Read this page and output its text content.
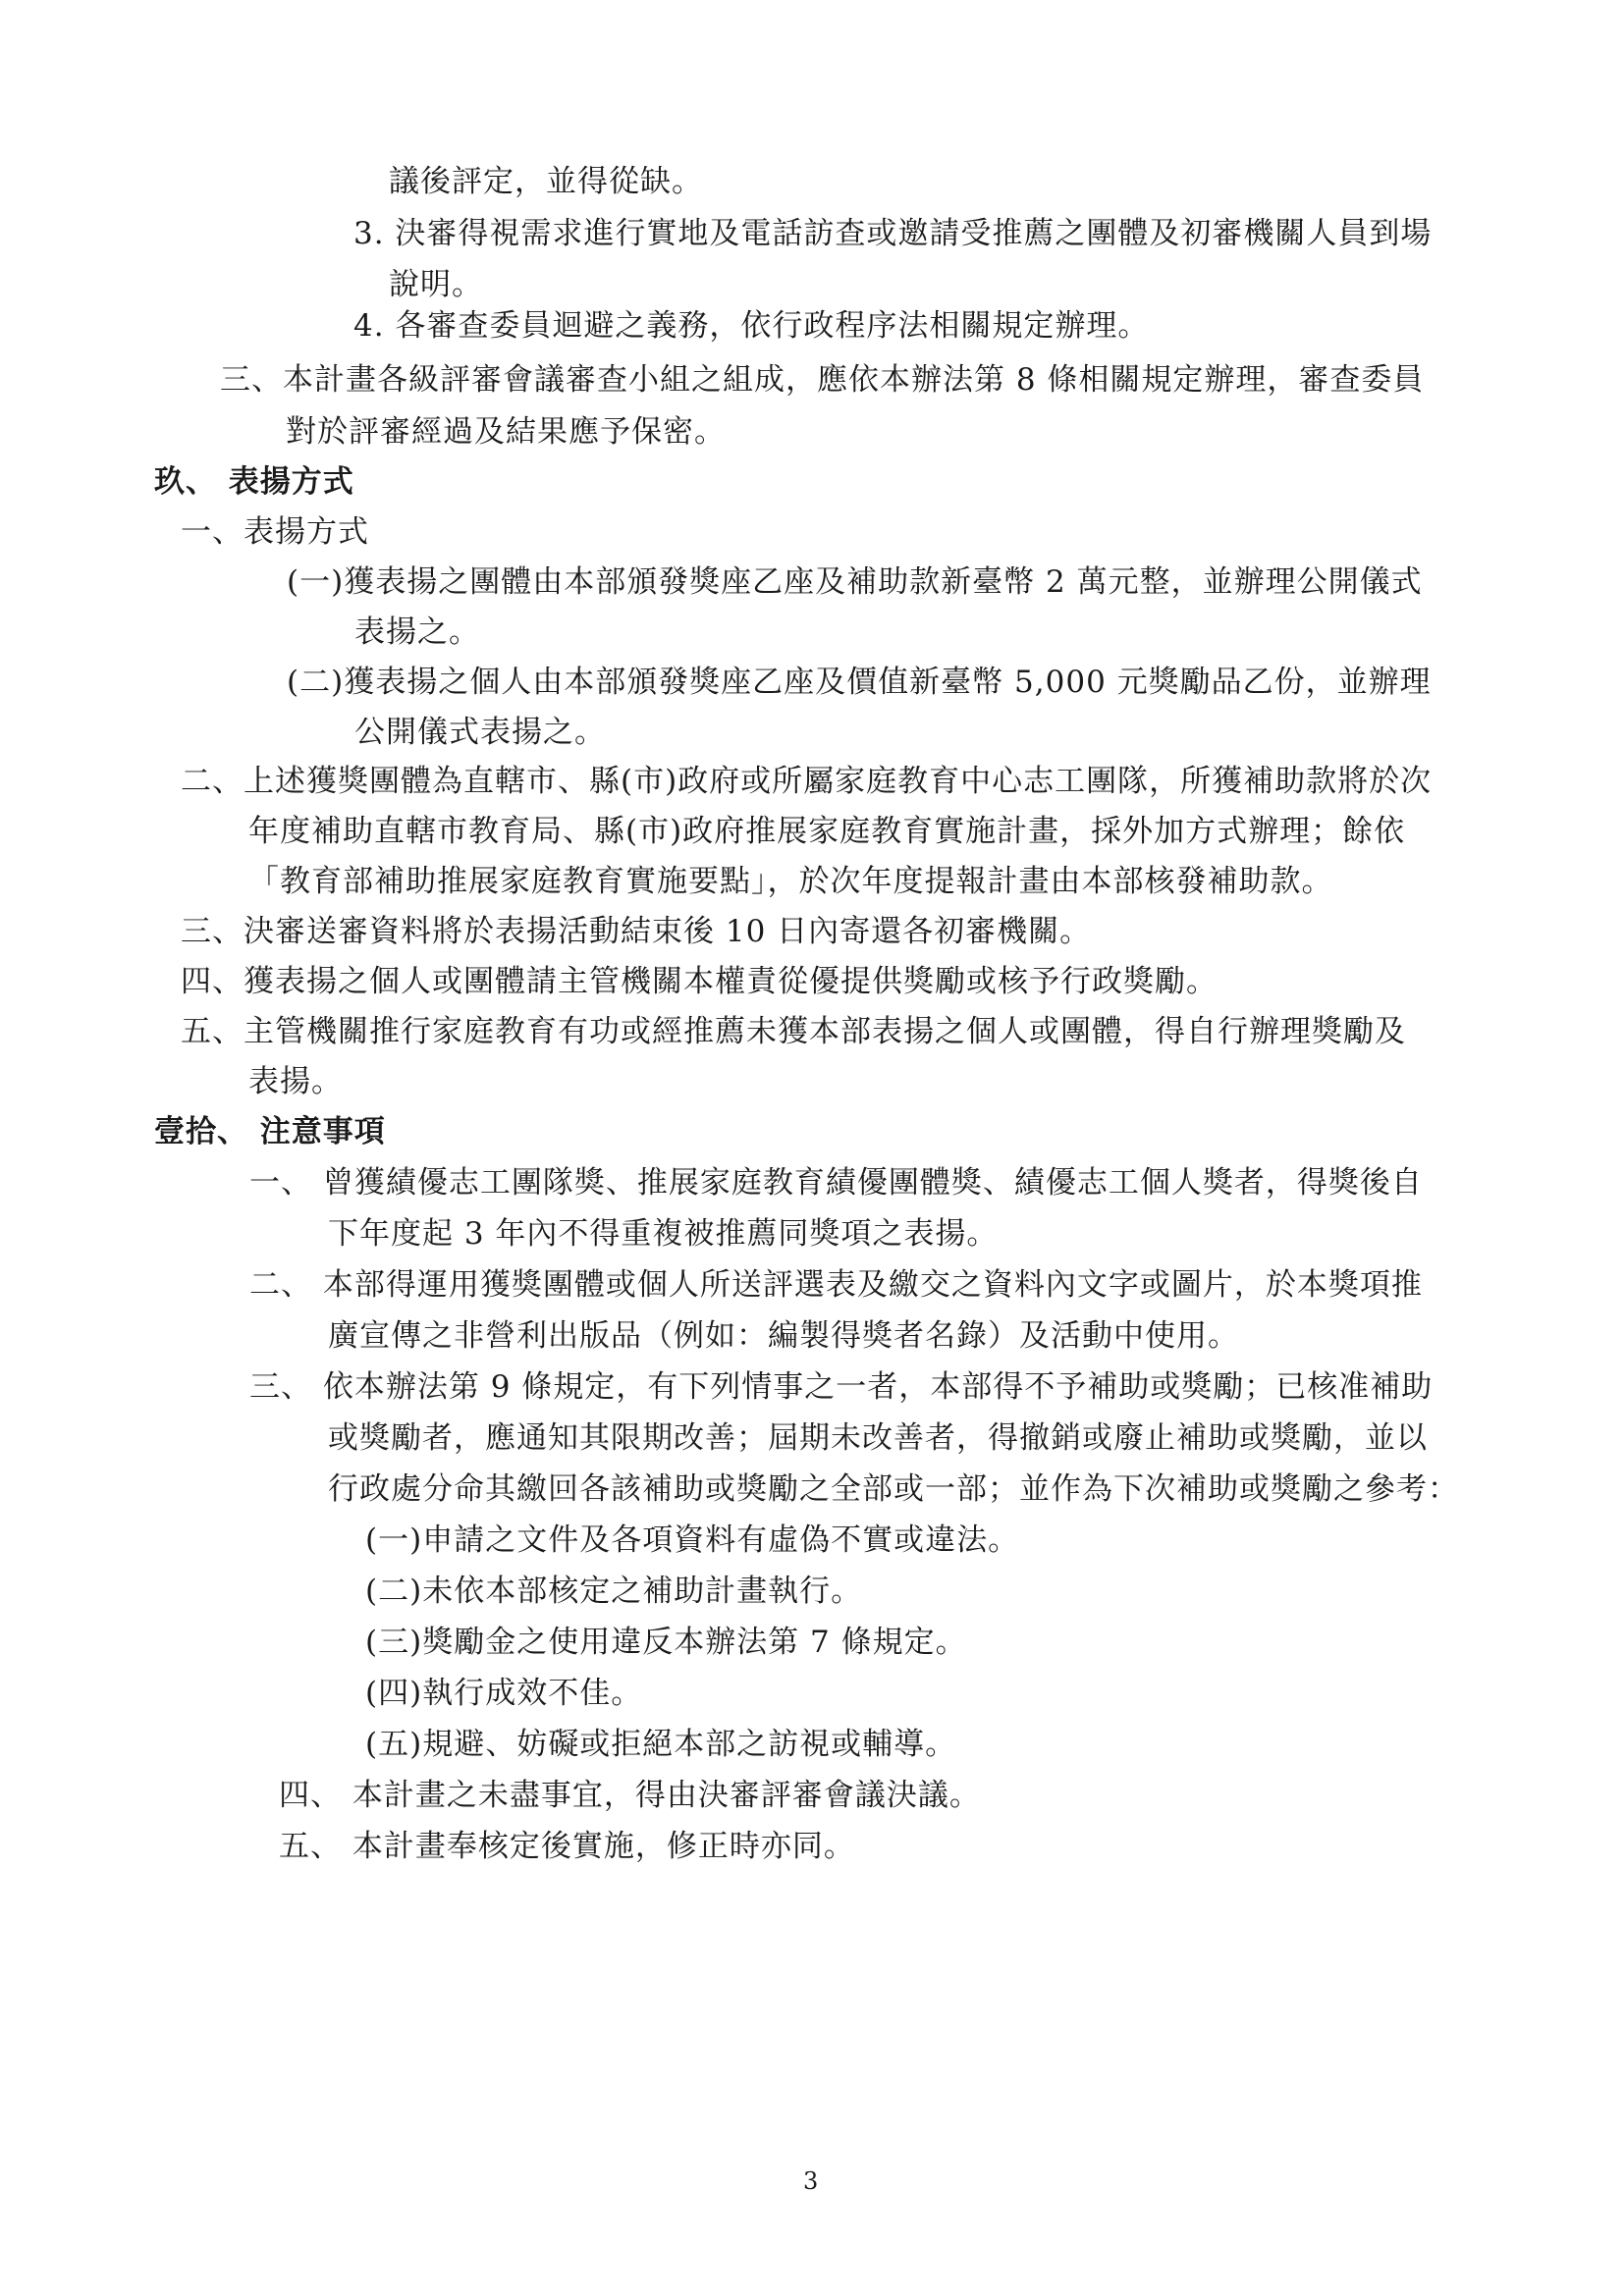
議後評定，並得從缺。
3. 決審得視需求進行實地及電話訪查或邀請受推薦之團體及初審機關人員到場
說明。
4. 各審查委員迴避之義務，依行政程序法相關規定辦理。
三、本計畫各級評審會議審查小組之組成，應依本辦法第 8 條相關規定辦理，審查委員
對於評審經過及結果應予保密。
玖、 表揚方式
一、表揚方式
(一)獲表揚之團體由本部頒發獎座乙座及補助款新臺幣 2 萬元整，並辦理公開儀式
表揚之。
(二)獲表揚之個人由本部頒發獎座乙座及價值新臺幣 5,000 元獎勵品乙份，並辦理
公開儀式表揚之。
二、上述獲獎團體為直轄市、縣(市)政府或所屬家庭教育中心志工團隊，所獲補助款將於次
年度補助直轄市教育局、縣(市)政府推展家庭教育實施計畫，採外加方式辦理；餘依
「教育部補助推展家庭教育實施要點」，於次年度提報計畫由本部核發補助款。
三、決審送審資料將於表揚活動結束後 10 日內寄還各初審機關。
四、獲表揚之個人或團體請主管機關本權責從優提供獎勵或核予行政獎勵。
五、主管機關推行家庭教育有功或經推薦未獲本部表揚之個人或團體，得自行辦理獎勵及
表揚。
壹拾、 注意事項
一、 曾獲績優志工團隊獎、推展家庭教育績優團體獎、績優志工個人獎者，得獎後自
下年度起 3 年內不得重複被推薦同獎項之表揚。
二、 本部得運用獲獎團體或個人所送評選表及繳交之資料內文字或圖片，於本獎項推
廣宣傳之非營利出版品（例如：編製得獎者名錄）及活動中使用。
三、 依本辦法第 9 條規定，有下列情事之一者，本部得不予補助或獎勵；已核准補助
或獎勵者，應通知其限期改善；屆期未改善者，得撤銷或廢止補助或獎勵，並以
行政處分命其繳回各該補助或獎勵之全部或一部；並作為下次補助或獎勵之參考：
(一)申請之文件及各項資料有虛偽不實或違法。
(二)未依本部核定之補助計畫執行。
(三)獎勵金之使用違反本辦法第 7 條規定。
(四)執行成效不佳。
(五)規避、妨礙或拒絕本部之訪視或輔導。
四、 本計畫之未盡事宜，得由決審評審會議決議。
五、 本計畫奉核定後實施，修正時亦同。
3
